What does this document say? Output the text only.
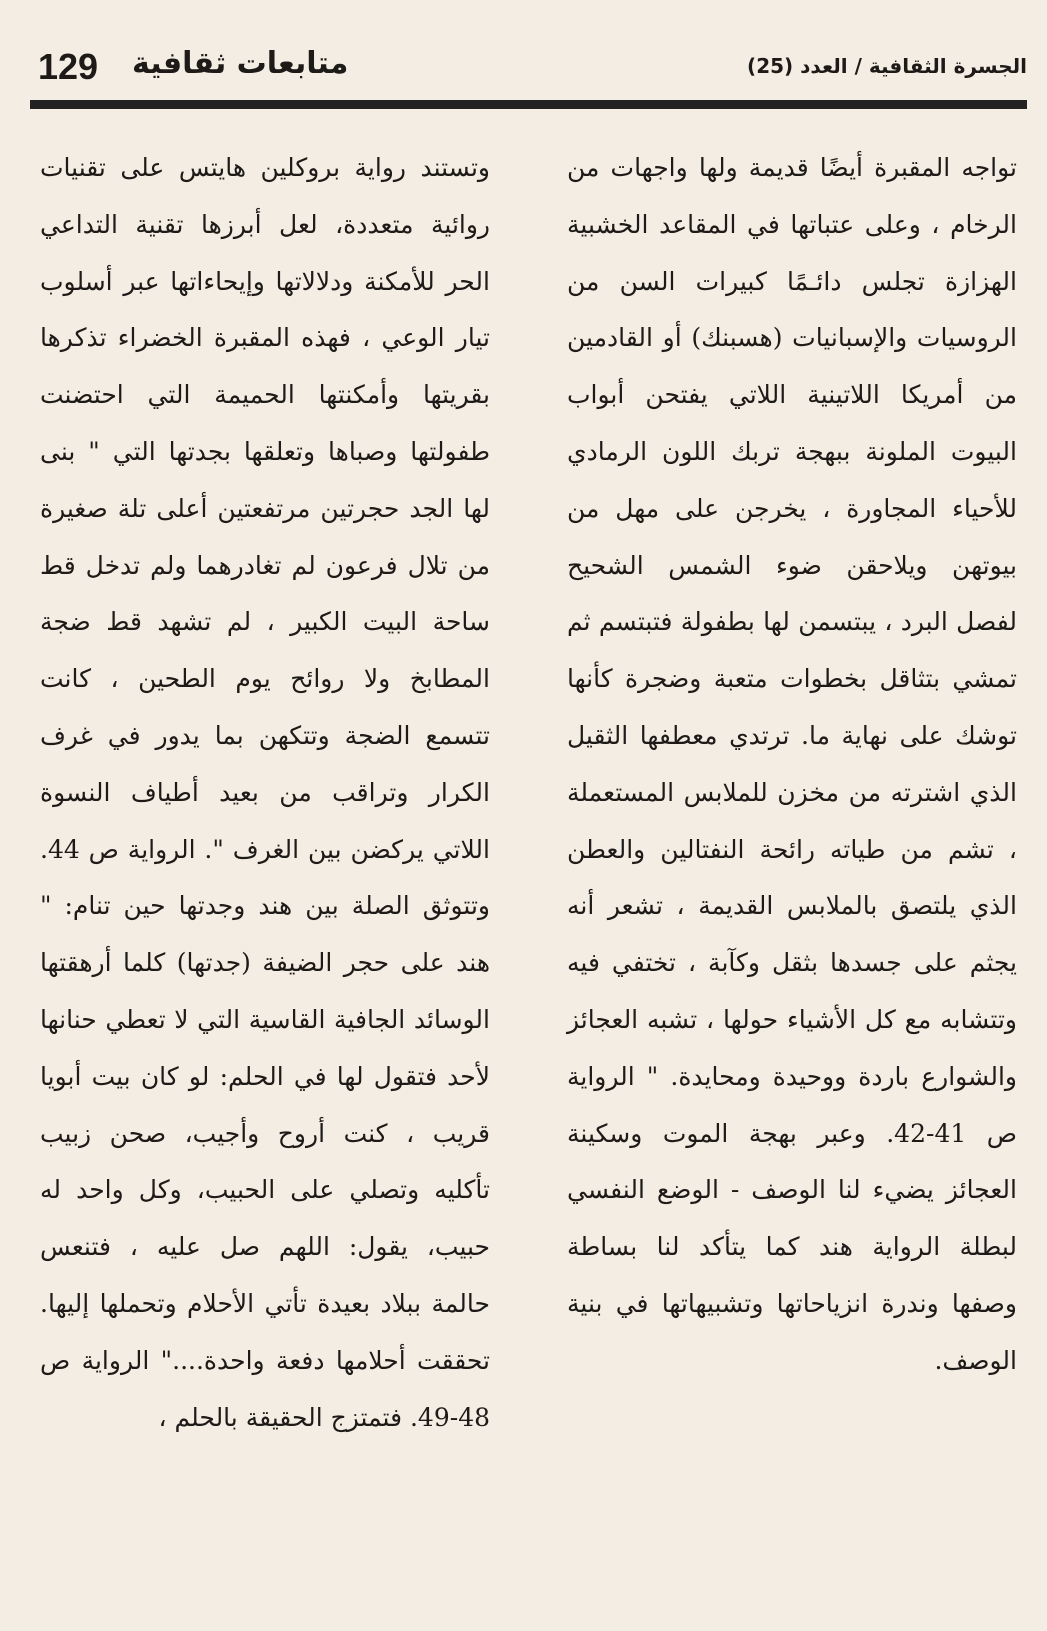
129 متابعات ثقافية	الجسرة الثقافية / العدد (25)

تواجه المقبرة أيضًا قديمة ولها واجهات من الرخام ، وعلى عتباتها في المقاعد الخشبية الهزازة تجلس دائـمًا كبيرات السن من الروسيات والإسبانيات (هسبنك) أو القادمين من أمريكا اللاتينية اللاتي يفتحن أبواب البيوت الملونة ببهجة تربك اللون الرمادي للأحياء المجاورة ، يخرجن على مهل من بيوتهن ويلاحقن ضوء الشمس الشحيح لفصل البرد ، يبتسمن لها بطفولة فتبتسم ثم تمشي بتثاقل بخطوات متعبة وضجرة كأنها توشك على نهاية ما. ترتدي معطفها الثقيل الذي اشترته من مخزن للملابس المستعملة ، تشم من طياته رائحة النفتالين والعطن الذي يلتصق بالملابس القديمة ، تشعر أنه يجثم على جسدها بثقل وكآبة ، تختفي فيه وتتشابه مع كل الأشياء حولها ، تشبه العجائز والشوارع باردة ووحيدة ومحايدة. " الرواية ص 41-42. وعبر بهجة الموت وسكينة العجائز يضيء لنا الوصف - الوضع النفسي لبطلة الرواية هند كما يتأكد لنا بساطة وصفها وندرة انزياحاتها وتشبيهاتها في بنية الوصف.

وتستند رواية بروكلين هايتس على تقنيات روائية متعددة، لعل أبرزها تقنية التداعي الحر للأمكنة ودلالاتها وإيحاءاتها عبر أسلوب تيار الوعي ، فهذه المقبرة الخضراء تذكرها بقريتها وأمكنتها الحميمة التي احتضنت طفولتها وصباها وتعلقها بجدتها التي " بنى لها الجد حجرتين مرتفعتين أعلى تلة صغيرة من تلال فرعون لم تغادرهما ولم تدخل قط ساحة البيت الكبير ، لم تشهد قط ضجة المطابخ ولا روائح يوم الطحين ، كانت تتسمع الضجة وتتكهن بما يدور في غرف الكرار وتراقب من بعيد أطياف النسوة اللاتي يركضن بين الغرف ". الرواية ص 44. وتتوثق الصلة بين هند وجدتها حين تنام: " هند على حجر الضيفة (جدتها) كلما أرهقتها الوسائد الجافية القاسية التي لا تعطي حنانها لأحد فتقول لها في الحلم: لو كان بيت أبويا قريب ، كنت أروح وأجيب، صحن زبيب تأكليه وتصلي على الحبيب، وكل واحد له حبيب، يقول: اللهم صل عليه ، فتنعس حالمة ببلاد بعيدة تأتي الأحلام وتحملها إليها. تحققت أحلامها دفعة واحدة...." الرواية ص 48-49. فتمتزج الحقيقة بالحلم ،
